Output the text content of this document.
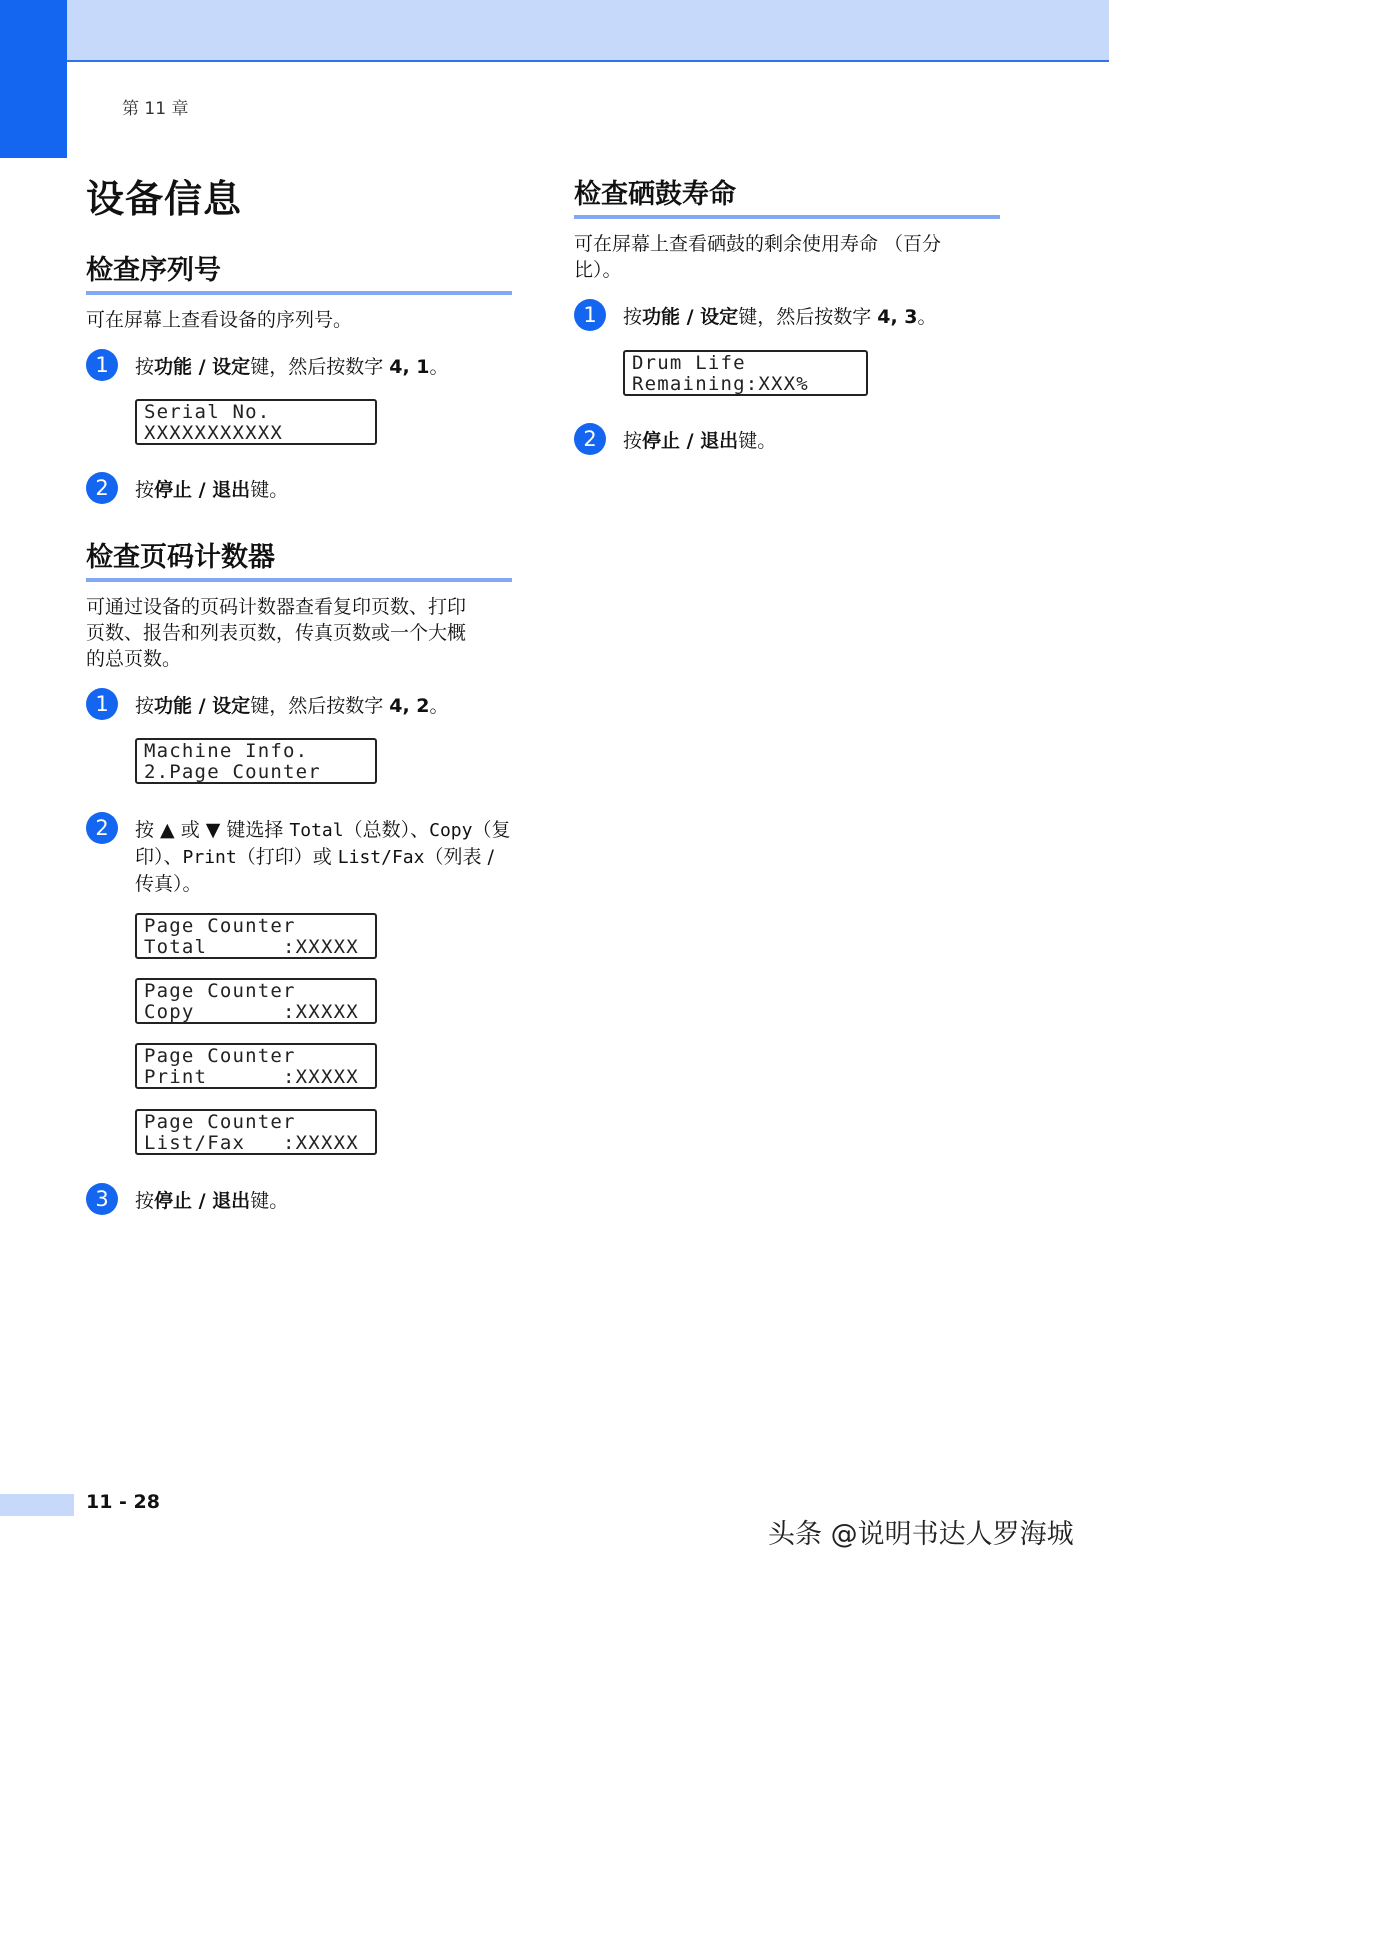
第 11 章
设备信息
检查序列号

可在屏幕上查看设备的序列号。

1	按功能 / 设定键，然后按数字 4, 1。
Serial No.
XXXXXXXXXXX
2	按停止 / 退出键。
检查页码计数器

可通过设备的页码计数器查看复印页数、打印
页数、报告和列表页数，传真页数或一个大概
的总页数。

1	按功能 / 设定键，然后按数字 4, 2。
Machine Info.
2.Page Counter
2	按 ▲ 或 ▼ 键选择 Total（总数）、Copy（复印）、Print（打印）或 List/Fax（列表 / 传真）。
Page Counter
Total      :XXXXX
Page Counter
Copy       :XXXXX
Page Counter
Print      :XXXXX
Page Counter
List/Fax   :XXXXX
3	按停止 / 退出键。
检查硒鼓寿命

可在屏幕上查看硒鼓的剩余使用寿命 （百分
比）。

1	按功能 / 设定键，然后按数字 4, 3。
Drum Life
Remaining:XXX%
2	按停止 / 退出键。
11 - 28
头条 @说明书达人罗海城
